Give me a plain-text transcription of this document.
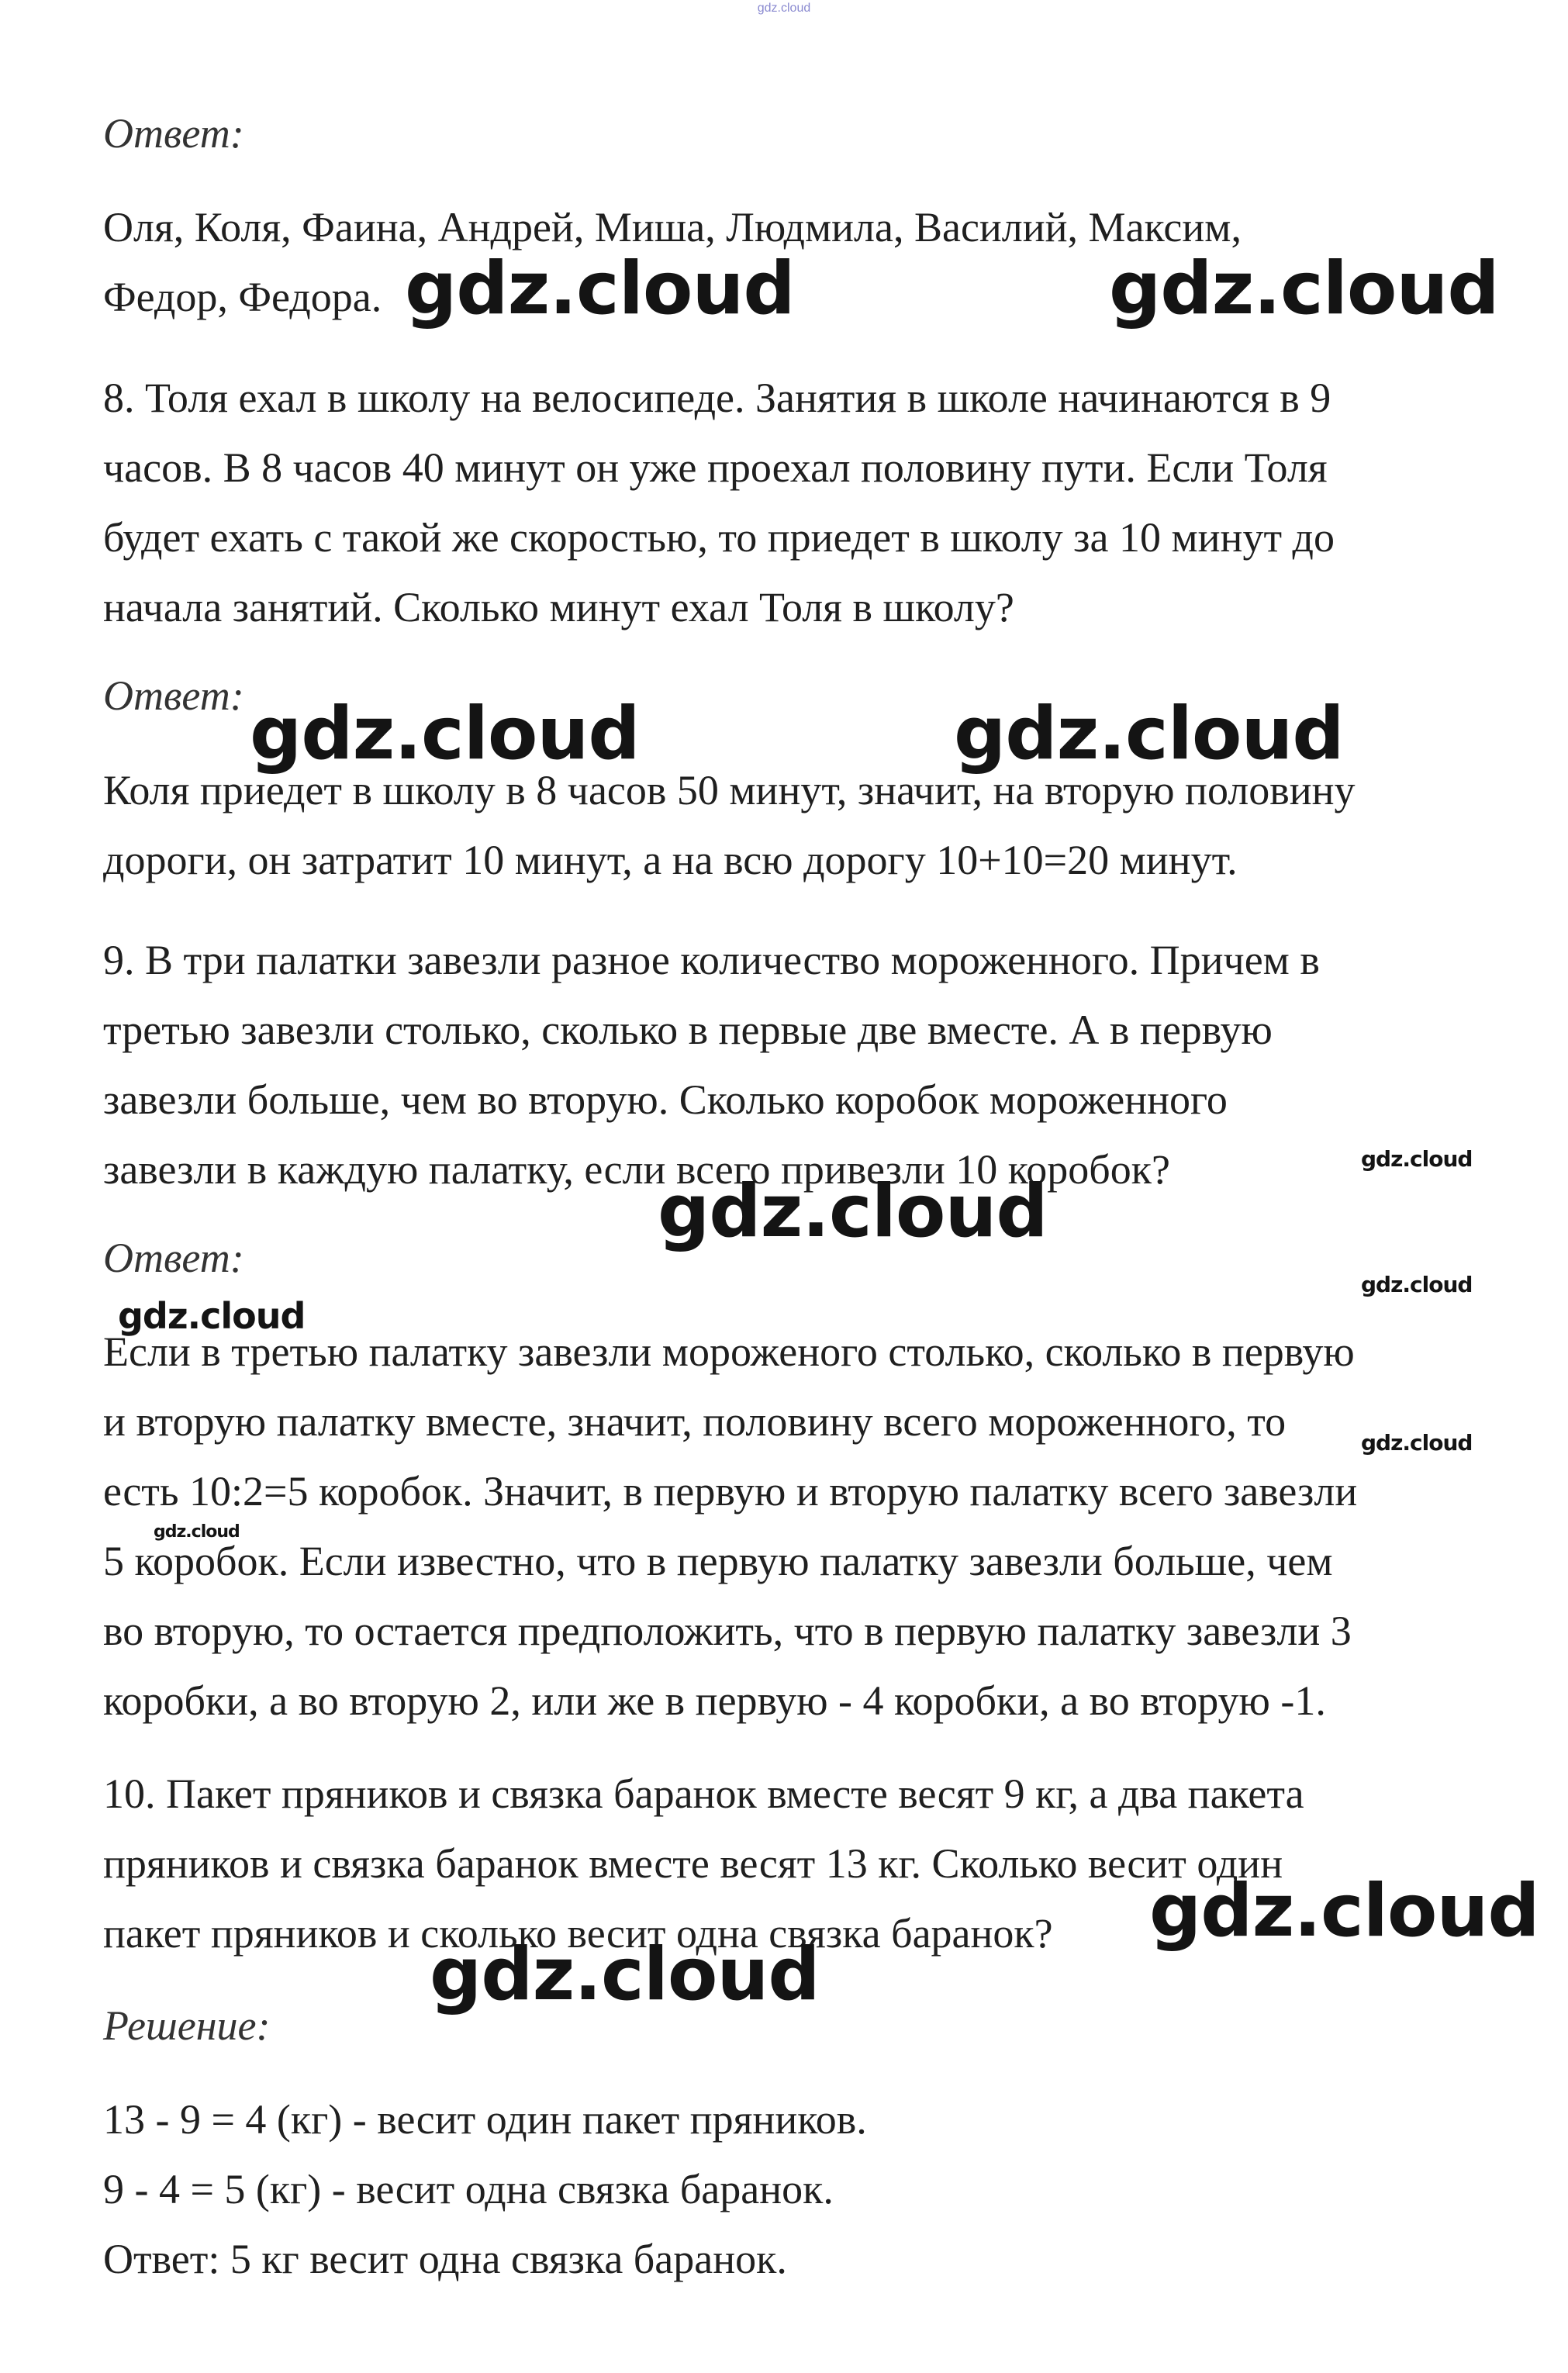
gdz.cloud
Ответ:
Оля, Коля, Фаина, Андрей, Миша, Людмила, Василий, Максим,
Федор, Федора.
8. Толя ехал в школу на велосипеде. Занятия в школе начинаются в 9
часов. В 8 часов 40 минут он уже проехал половину пути. Если Толя
будет ехать с такой же скоростью, то приедет в школу за 10 минут до
начала занятий. Сколько минут ехал Толя в школу?
Ответ:
Коля приедет в школу в 8 часов 50 минут, значит, на вторую половину
дороги, он затратит 10 минут, а на всю дорогу 10+10=20 минут.
9. В три палатки завезли разное количество мороженного. Причем в
третью завезли столько, сколько в первые две вместе. А в первую
завезли больше, чем во вторую. Сколько коробок мороженного
завезли в каждую палатку, если всего привезли 10 коробок?
Ответ:
Если в третью палатку завезли мороженого столько, сколько в первую
и вторую палатку вместе, значит, половину всего мороженного, то
есть 10:2=5 коробок. Значит, в первую и вторую палатку всего завезли
5 коробок. Если известно, что в первую палатку завезли больше, чем
во вторую, то остается предположить, что в первую палатку завезли 3
коробки, а во вторую 2, или же в первую - 4 коробки, а во вторую -1.
10. Пакет пряников и связка баранок вместе весят 9 кг, а два пакета
пряников и связка баранок вместе весят 13 кг. Сколько весит один
пакет пряников и сколько весит одна связка баранок?
Решение:
13 - 9 = 4 (кг) - весит один пакет пряников.
9 - 4 = 5 (кг) - весит одна связка баранок.
Ответ: 5 кг весит одна связка баранок.
gdz.cloud	gdz.cloud
gdz.cloud	gdz.cloud
gdz.cloud
gdz.cloud
gdz.cloud
gdz.cloud
gdz.cloud
gdz.cloud
gdz.cloud
gdz.cloud
